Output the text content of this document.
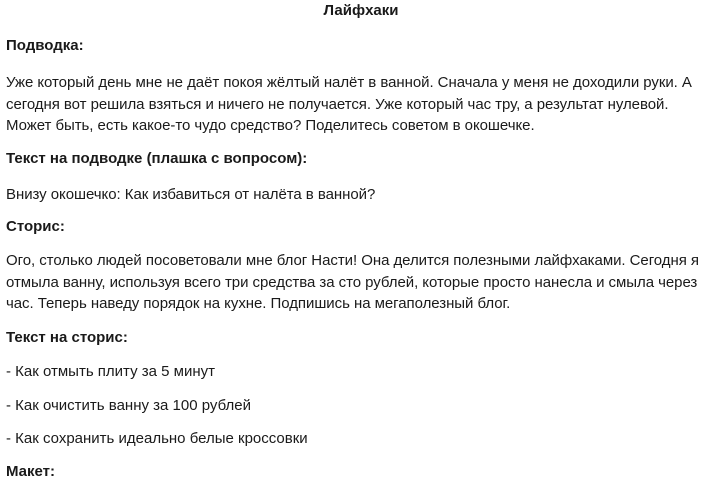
Лайфхаки

Подводка:

Уже который день мне не даёт покоя жёлтый налёт в ванной. Сначала у меня не доходили руки. А сегодня вот решила взяться и ничего не получается. Уже который час тру, а результат нулевой. Может быть, есть какое-то чудо средство? Поделитесь советом в окошечке.

Текст на подводке (плашка с вопросом):

Внизу окошечко: Как избавиться от налёта в ванной?

Сторис:

Ого, столько людей посоветовали мне блог Насти! Она делится полезными лайфхаками. Сегодня я отмыла ванну, используя всего три средства за сто рублей, которые просто нанесла и смыла через час. Теперь наведу порядок на кухне. Подпишись на мегаполезный блог.

Текст на сторис:

- Как отмыть плиту за 5 минут

- Как очистить ванну за 100 рублей

- Как сохранить идеально белые кроссовки

Макет:
